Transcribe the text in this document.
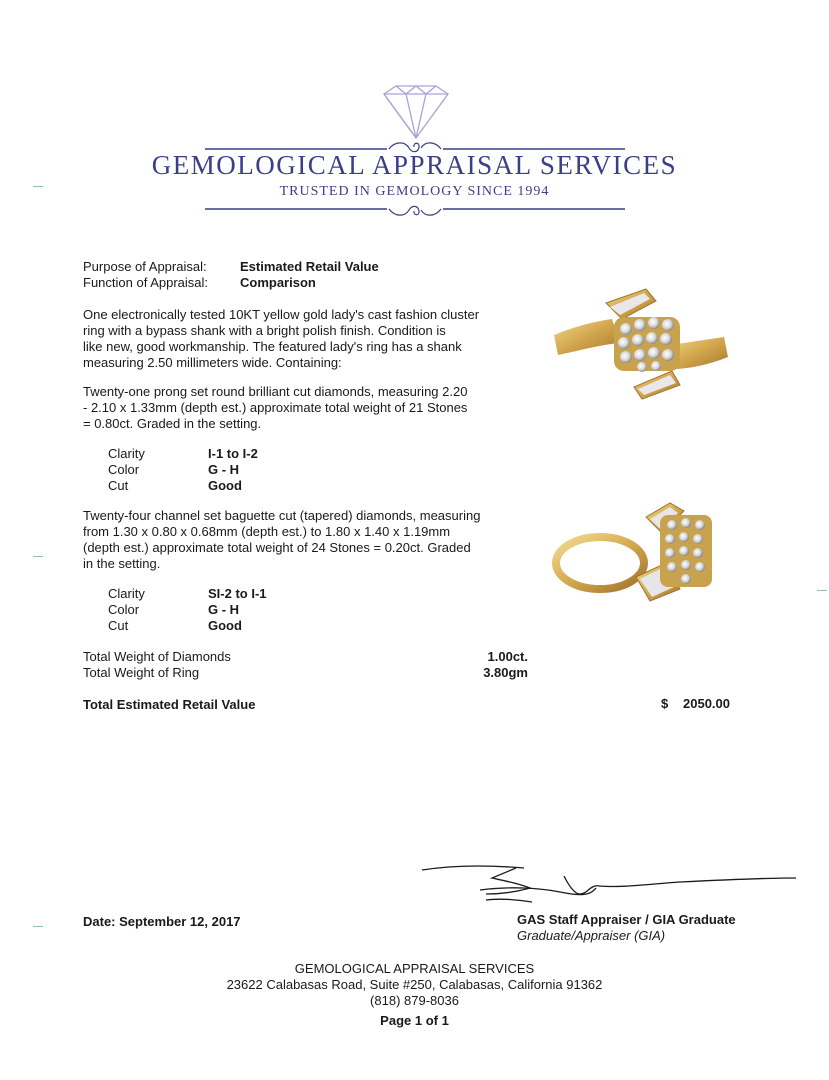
GEMOLOGICAL APPRAISAL SERVICES
TRUSTED IN GEMOLOGY SINCE 1994
Purpose of Appraisal:	Estimated Retail Value
Function of Appraisal: Comparison
One electronically tested 10KT yellow gold lady's cast fashion cluster
ring with a bypass shank with a bright polish finish. Condition is
like new, good workmanship. The featured lady's ring has a shank
measuring 2.50 millimeters wide. Containing:
Twenty-one prong set round brilliant cut diamonds, measuring 2.20
- 2.10 x 1.33mm (depth est.) approximate total weight of 21 Stones
= 0.80ct. Graded in the setting.
Clarity	I-1 to I-2
Color	G - H
Cut	Good
Twenty-four channel set baguette cut (tapered) diamonds, measuring
from 1.30 x 0.80 x 0.68mm (depth est.) to 1.80 x 1.40 x 1.19mm
(depth est.) approximate total weight of 24 Stones = 0.20ct. Graded
in the setting.
Clarity	SI-2 to I-1
Color	G - H
Cut	Good
Total Weight of Diamonds	1.00ct.
Total Weight of Ring	3.80gm
Total Estimated Retail Value	$ 2050.00
Date: September 12, 2017	GAS Staff Appraiser / GIA Graduate
Graduate/Appraiser (GIA)
GEMOLOGICAL APPRAISAL SERVICES
23622 Calabasas Road, Suite #250, Calabasas, California 91362
(818) 879-8036
Page 1 of 1
